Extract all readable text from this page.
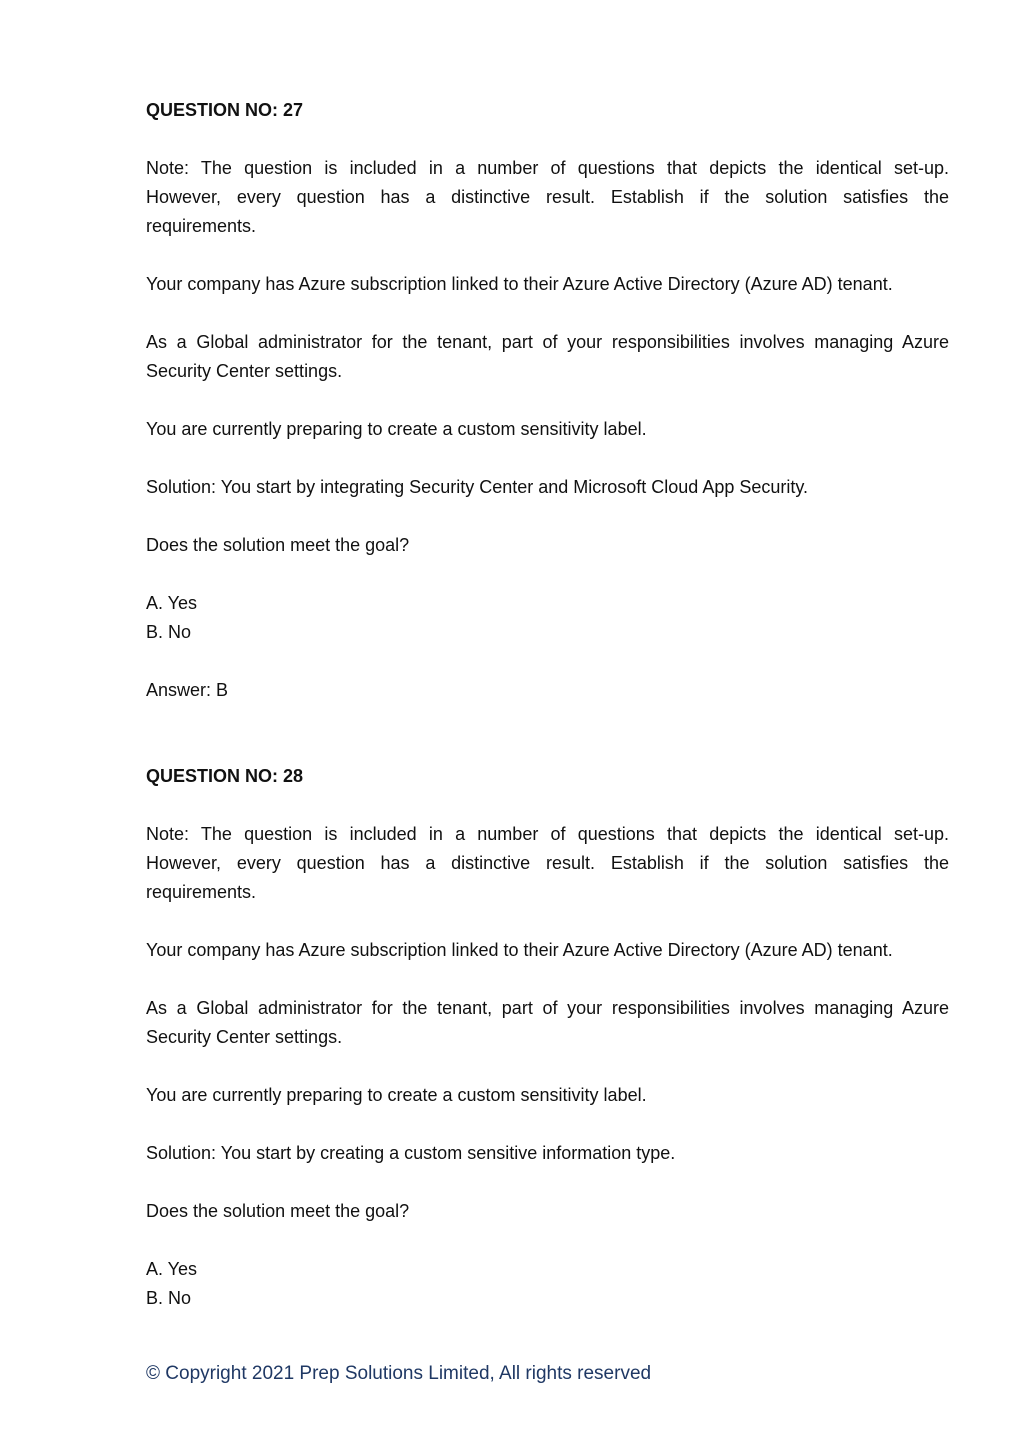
QUESTION NO: 27
Note: The question is included in a number of questions that depicts the identical set-up.
However, every question has a distinctive result. Establish if the solution satisfies the
requirements.
Your company has Azure subscription linked to their Azure Active Directory (Azure AD) tenant.
As a Global administrator for the tenant, part of your responsibilities involves managing Azure
Security Center settings.
You are currently preparing to create a custom sensitivity label.
Solution: You start by integrating Security Center and Microsoft Cloud App Security.
Does the solution meet the goal?
A. Yes
B. No
Answer: B
QUESTION NO: 28
Note: The question is included in a number of questions that depicts the identical set-up.
However, every question has a distinctive result. Establish if the solution satisfies the
requirements.
Your company has Azure subscription linked to their Azure Active Directory (Azure AD) tenant.
As a Global administrator for the tenant, part of your responsibilities involves managing Azure
Security Center settings.
You are currently preparing to create a custom sensitivity label.
Solution: You start by creating a custom sensitive information type.
Does the solution meet the goal?
A. Yes
B. No
© Copyright 2021 Prep Solutions Limited, All rights reserved
